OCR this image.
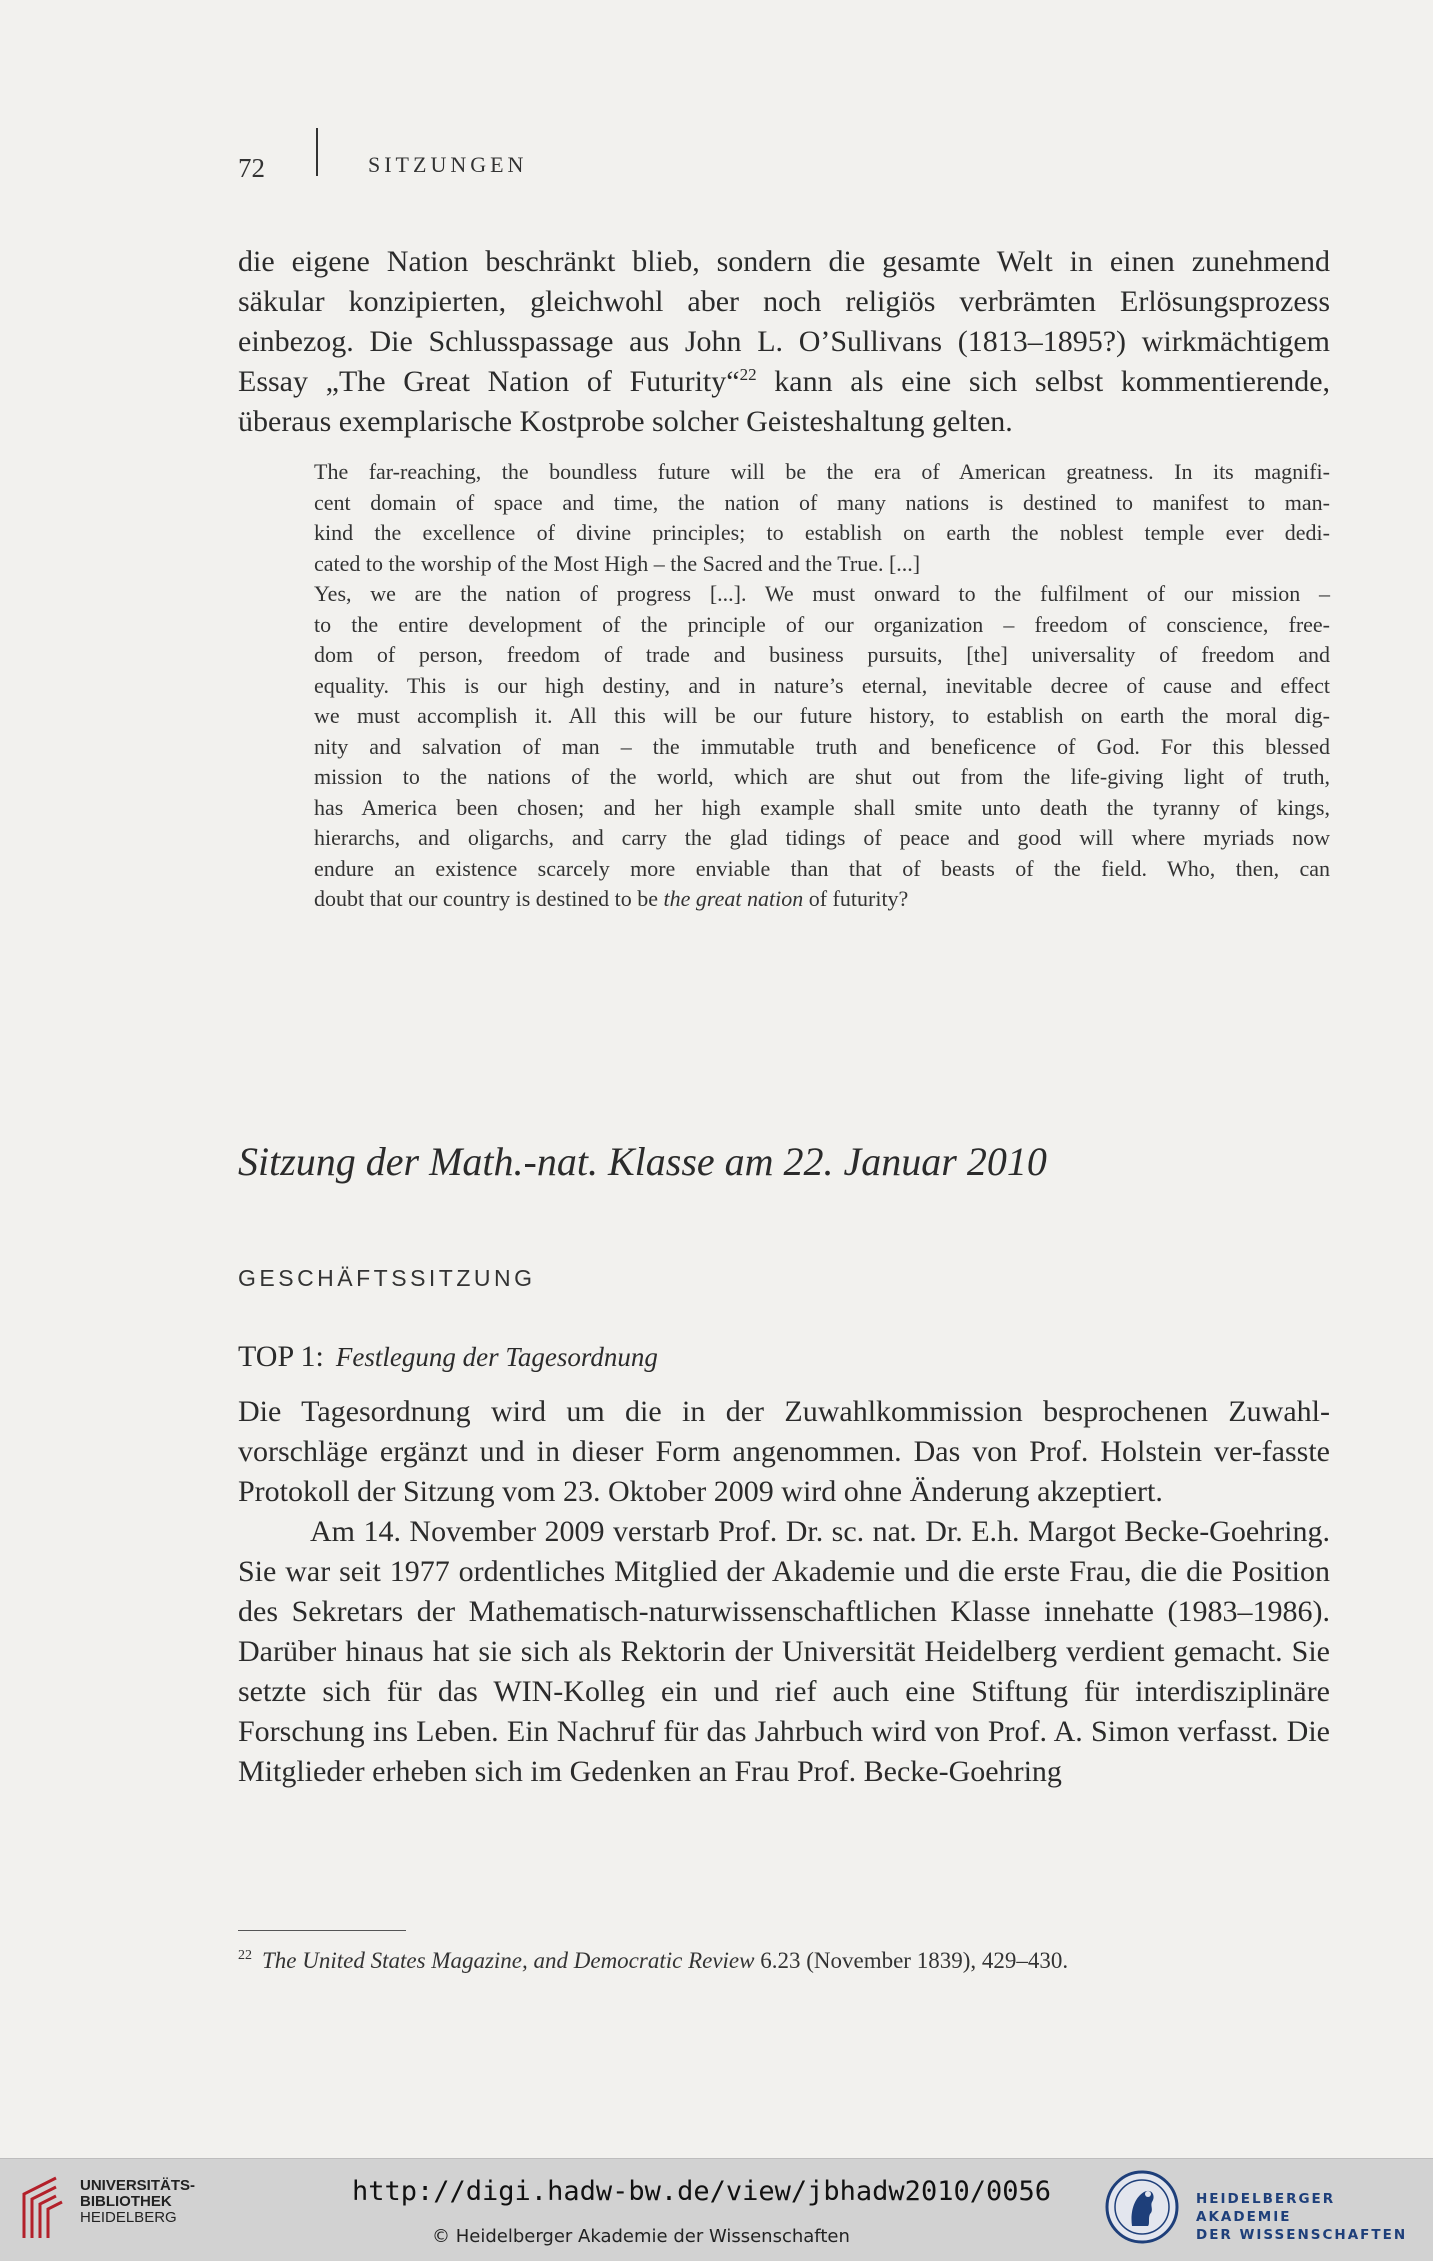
72	SITZUNGEN
die eigene Nation beschränkt blieb, sondern die gesamte Welt in einen zunehmend
säkular konzipierten, gleichwohl aber noch religiös verbrämten Erlösungsprozess
einbezog. Die Schlusspassage aus John L. O’Sullivans (1813–1895?) wirkmächtigem
Essay „The Great Nation of Futurity“$^{22}$ kann als eine sich selbst kommentierende,
überaus exemplarische Kostprobe solcher Geisteshaltung gelten.
The far-reaching, the boundless future will be the era of American greatness. In its magnifi-
cent domain of space and time, the nation of many nations is destined to manifest to man-
kind the excellence of divine principles; to establish on earth the noblest temple ever dedi-
cated to the worship of the Most High – the Sacred and the True. [...]
Yes, we are the nation of progress [...]. We must onward to the fulfilment of our mission –
to the entire development of the principle of our organization – freedom of conscience, free-
dom of person, freedom of trade and business pursuits, [the] universality of freedom and
equality. This is our high destiny, and in nature’s eternal, inevitable decree of cause and effect
we must accomplish it. All this will be our future history, to establish on earth the moral dig-
nity and salvation of man – the immutable truth and beneficence of God. For this blessed
mission to the nations of the world, which are shut out from the life-giving light of truth,
has America been chosen; and her high example shall smite unto death the tyranny of kings,
hierarchs, and oligarchs, and carry the glad tidings of peace and good will where myriads now
endure an existence scarcely more enviable than that of beasts of the field. Who, then, can
doubt that our country is destined to be the great nation of futurity?
Sitzung der Math.-nat. Klasse am 22. Januar 2010
GESCHÄFTSSITZUNG
TOP 1: Festlegung der Tagesordnung

Die Tagesordnung wird um die in der Zuwahlkommission besprochenen Zuwahl-vorschläge ergänzt und in dieser Form angenommen. Das von Prof. Holstein ver-fasste Protokoll der Sitzung vom 23. Oktober 2009 wird ohne Änderung akzeptiert.

Am 14. November 2009 verstarb Prof. Dr. sc. nat. Dr. E.h. Margot Becke-Goehring. Sie war seit 1977 ordentliches Mitglied der Akademie und die erste Frau, die die Position des Sekretars der Mathematisch-naturwissenschaftlichen Klasse innehatte (1983–1986). Darüber hinaus hat sie sich als Rektorin der Universität Heidelberg verdient gemacht. Sie setzte sich für das WIN-Kolleg ein und rief auch eine Stiftung für interdisziplinäre Forschung ins Leben. Ein Nachruf für das Jahrbuch wird von Prof. A. Simon verfasst. Die Mitglieder erheben sich im Gedenken an Frau Prof. Becke-Goehring

$^{22}$ The United States Magazine, and Democratic Review 6.23 (November 1839), 429–430.
UNIVERSITÄTS-
BIBLIOTHEK
HEIDELBERG
http://digi.hadw-bw.de/view/jbhadw2010/0056
© Heidelberger Akademie der Wissenschaften
HEIDELBERGER AKADEMIE
DER WISSENSCHAFTEN
